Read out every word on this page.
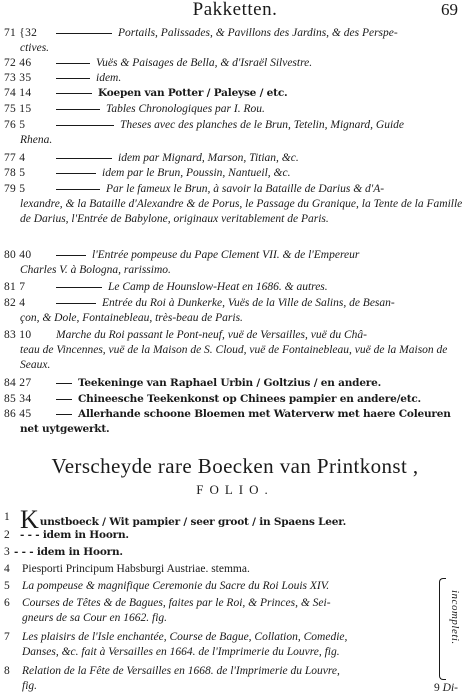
Pakketten.	69
71 {32	Portails, Palissades, & Pavillons des Jardins, & des Perspe-
ctives.
72 46	Vuës & Paisages de Bella, & d'Israël Silvestre.
73 35	idem.
74 14	Koepen van Potter / Paleyse / etc.
75 15	Tables Chronologiques par I. Rou.
76 5	Theses avec des planches de le Brun, Tetelin, Mignard, Guide
Rhena.
77 4	idem par Mignard, Marson, Titian, &c.
78 5	idem par le Brun, Poussin, Nantueil, &c.
79 5	Par le fameux le Brun, à savoir la Bataille de Darius & d'A-
lexandre, & la Bataille d'Alexandre & de Porus, le Passage du Granique, la Tente de la Famille de Darius, l'Entrée de Babylone, originaux veritablement de Paris.
80 40	l'Entrée pompeuse du Pape Clement VII. & de l'Empereur
Charles V. à Bologna, rarissimo.
81 7	Le Camp de Hounslow-Heat en 1686. & autres.
82 4	Entrée du Roi à Dunkerke, Vuës de la Ville de Salins, de Besan-
çon, & Dole, Fontainebleau, très-beau de Paris.
83 10	Marche du Roi passant le Pont-neuf, vuë de Versailles, vuë du Châ-
teau de Vincennes, vuë de la Maison de S. Cloud, vuë de Fontainebleau, vuë de la Maison de Seaux.
84 27	Teekeninge van Raphael Urbin / Goltzius / en andere.
85 34	Chineesche Teekenkonst op Chinees pampier en andere/etc.
86 45	Allerhande schoone Bloemen met Waterverw met haere Coleuren
net uytgewerkt.
Verscheyde rare Boecken van Printkonst ,
FOLIO.
1 Kunstboeck / Wit pampier / seer groot / in Spaens Leer.
2 - - - idem in Hoorn.
3 - - - idem in Hoorn.
4	Piesporti Principum Habsburgi Austriae. stemma.
5	La pompeuse & magnifique Ceremonie du Sacre du Roi Louis XIV.
6	Courses de Têtes & de Bagues, faites par le Roi, & Princes, & Sei-
gneurs de sa Cour en 1662. fig.
7	Les plaisirs de l'Isle enchantée, Course de Bague, Collation, Comedie,
Danses, &c. fait à Versailles en 1664. de l'Imprimerie du Louvre, fig.
8	Relation de la Fête de Versailles en 1668. de l'Imprimerie du Louvre,
fig.
incompleti.
9 Di-
